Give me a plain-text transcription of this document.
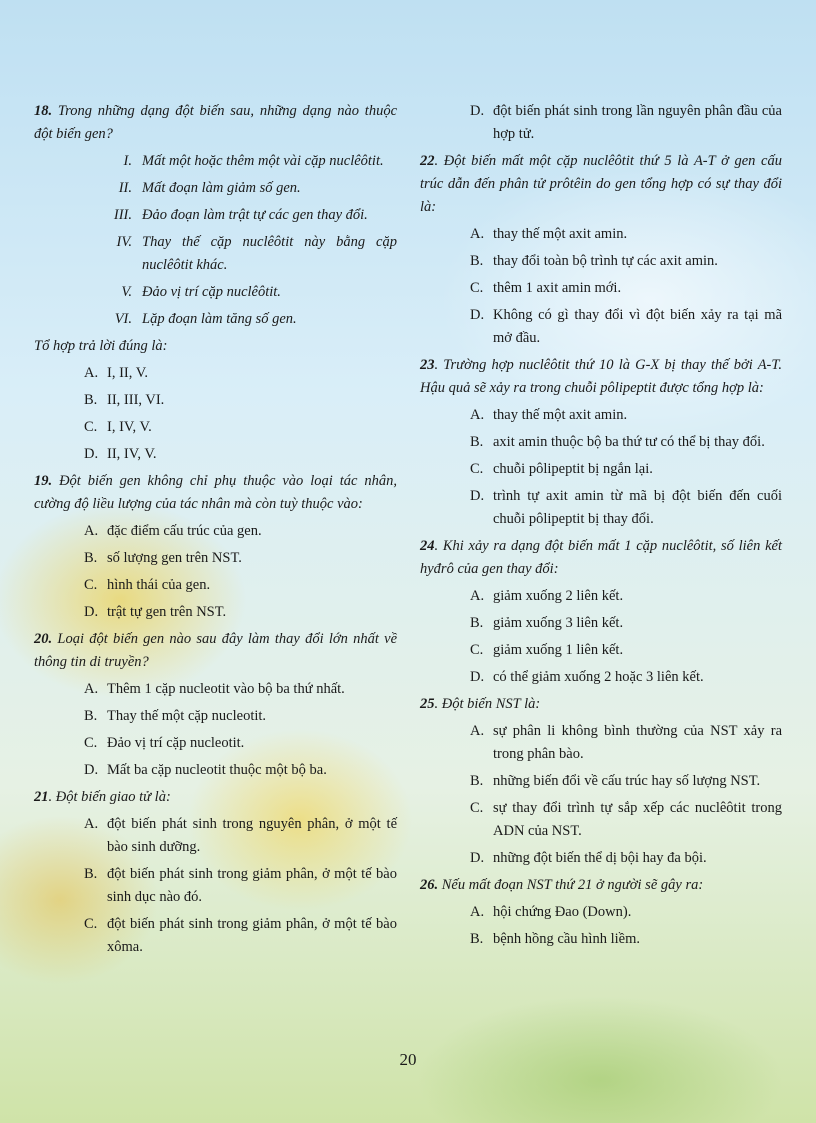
18. Trong những dạng đột biến sau, những dạng nào thuộc đột biến gen?
I. Mất một hoặc thêm một vài cặp nuclêôtit.
II. Mất đoạn làm giảm số gen.
III. Đảo đoạn làm trật tự các gen thay đổi.
IV. Thay thế cặp nuclêôtit này bằng cặp nuclêôtit khác.
V. Đảo vị trí cặp nuclêôtit.
VI. Lặp đoạn làm tăng số gen.
Tổ hợp trả lời đúng là:
A. I, II, V.
B. II, III, VI.
C. I, IV, V.
D. II, IV, V.
19. Đột biến gen không chỉ phụ thuộc vào loại tác nhân, cường độ liều lượng của tác nhân mà còn tuỳ thuộc vào:
A. đặc điểm cấu trúc của gen.
B. số lượng gen trên NST.
C. hình thái của gen.
D. trật tự gen trên NST.
20. Loại đột biến gen nào sau đây làm thay đổi lớn nhất về thông tin di truyền?
A. Thêm 1 cặp nucleotit vào bộ ba thứ nhất.
B. Thay thế một cặp nucleotit.
C. Đảo vị trí cặp nucleotit.
D. Mất ba cặp nucleotit thuộc một bộ ba.
21. Đột biến giao tử là:
A. đột biến phát sinh trong nguyên phân, ở một tế bào sinh dưỡng.
B. đột biến phát sinh trong giảm phân, ở một tế bào sinh dục nào đó.
C. đột biến phát sinh trong giảm phân, ở một tế bào xôma.
D. đột biến phát sinh trong lần nguyên phân đầu của hợp tử.
22. Đột biến mất một cặp nuclêôtit thứ 5 là A-T ở gen cấu trúc dẫn đến phân tử prôtêin do gen tổng hợp có sự thay đổi là:
A. thay thế một axit amin.
B. thay đổi toàn bộ trình tự các axit amin.
C. thêm 1 axit amin mới.
D. Không có gì thay đổi vì đột biến xảy ra tại mã mở đầu.
23. Trường hợp nuclêôtit thứ 10 là G-X bị thay thế bởi A-T. Hậu quả sẽ xảy ra trong chuỗi pôlipeptit được tổng hợp là:
A. thay thế một axit amin.
B. axit amin thuộc bộ ba thứ tư có thể bị thay đổi.
C. chuỗi pôlipeptit bị ngắn lại.
D. trình tự axit amin từ mã bị đột biến đến cuối chuỗi pôlipeptit bị thay đổi.
24. Khi xảy ra dạng đột biến mất 1 cặp nuclêôtit, số liên kết hyđrô của gen thay đổi:
A. giảm xuống 2 liên kết.
B. giảm xuống 3 liên kết.
C. giảm xuống 1 liên kết.
D. có thể giảm xuống 2 hoặc 3 liên kết.
25. Đột biến NST là:
A. sự phân li không bình thường của NST xảy ra trong phân bào.
B. những biến đổi về cấu trúc hay số lượng NST.
C. sự thay đổi trình tự sắp xếp các nuclêôtit trong ADN của NST.
D. những đột biến thể dị bội hay đa bội.
26. Nếu mất đoạn NST thứ 21 ở người sẽ gây ra:
A. hội chứng Đao (Down).
B. bệnh hồng cầu hình liềm.
20
